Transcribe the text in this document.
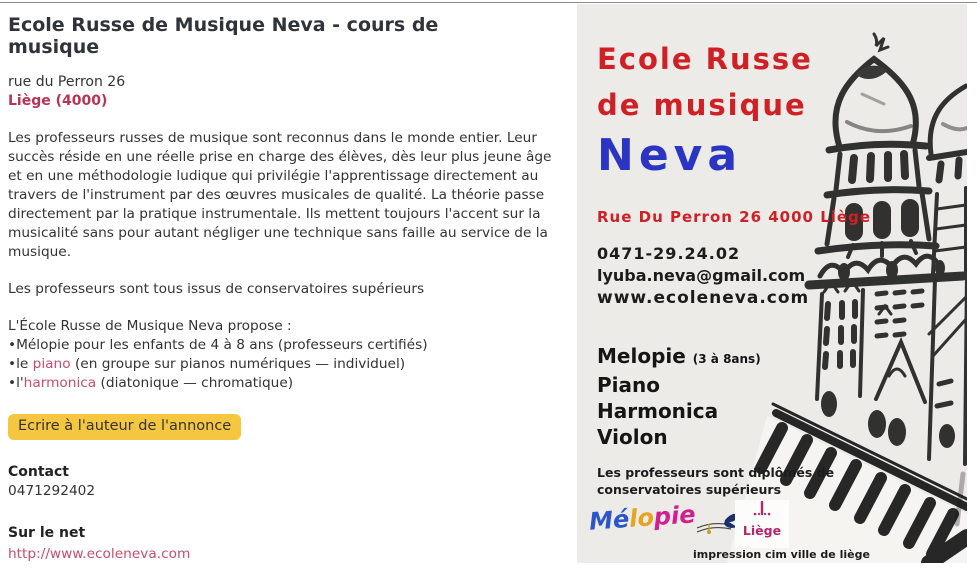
Ecole Russe de Musique Neva - cours de musique
rue du Perron 26
Liège (4000)

Les professeurs russes de musique sont reconnus dans le monde entier. Leur succès réside en une réelle prise en charge des élèves, dès leur plus jeune âge et en une méthodologie ludique qui privilégie l'apprentissage directement au travers de l'instrument par des œuvres musicales de qualité. La théorie passe directement par la pratique instrumentale. Ils mettent toujours l'accent sur la musicalité sans pour autant négliger une technique sans faille au service de la musique.

Les professeurs sont tous issus de conservatoires supérieurs
L'École Russe de Musique Neva propose :
•Mélopie pour les enfants de 4 à 8 ans (professeurs certifiés)
•le piano (en groupe sur pianos numériques — individuel)
•l'harmonica (diatonique — chromatique)
Ecrire à l'auteur de l'annonce
Contact
0471292402
Sur le net
http://www.ecoleneva.com
Ecole Russe
de musique
Neva
Rue Du Perron 26 4000 Liège
0471-29.24.02
lyuba.neva@gmail.com
www.ecoleneva.com
Melopie (3 à 8ans)
Piano
Harmonica
Violon
Les professeurs sont diplômés de
conservatoires supérieurs
Mélopie	Liège
impression cim ville de liège
